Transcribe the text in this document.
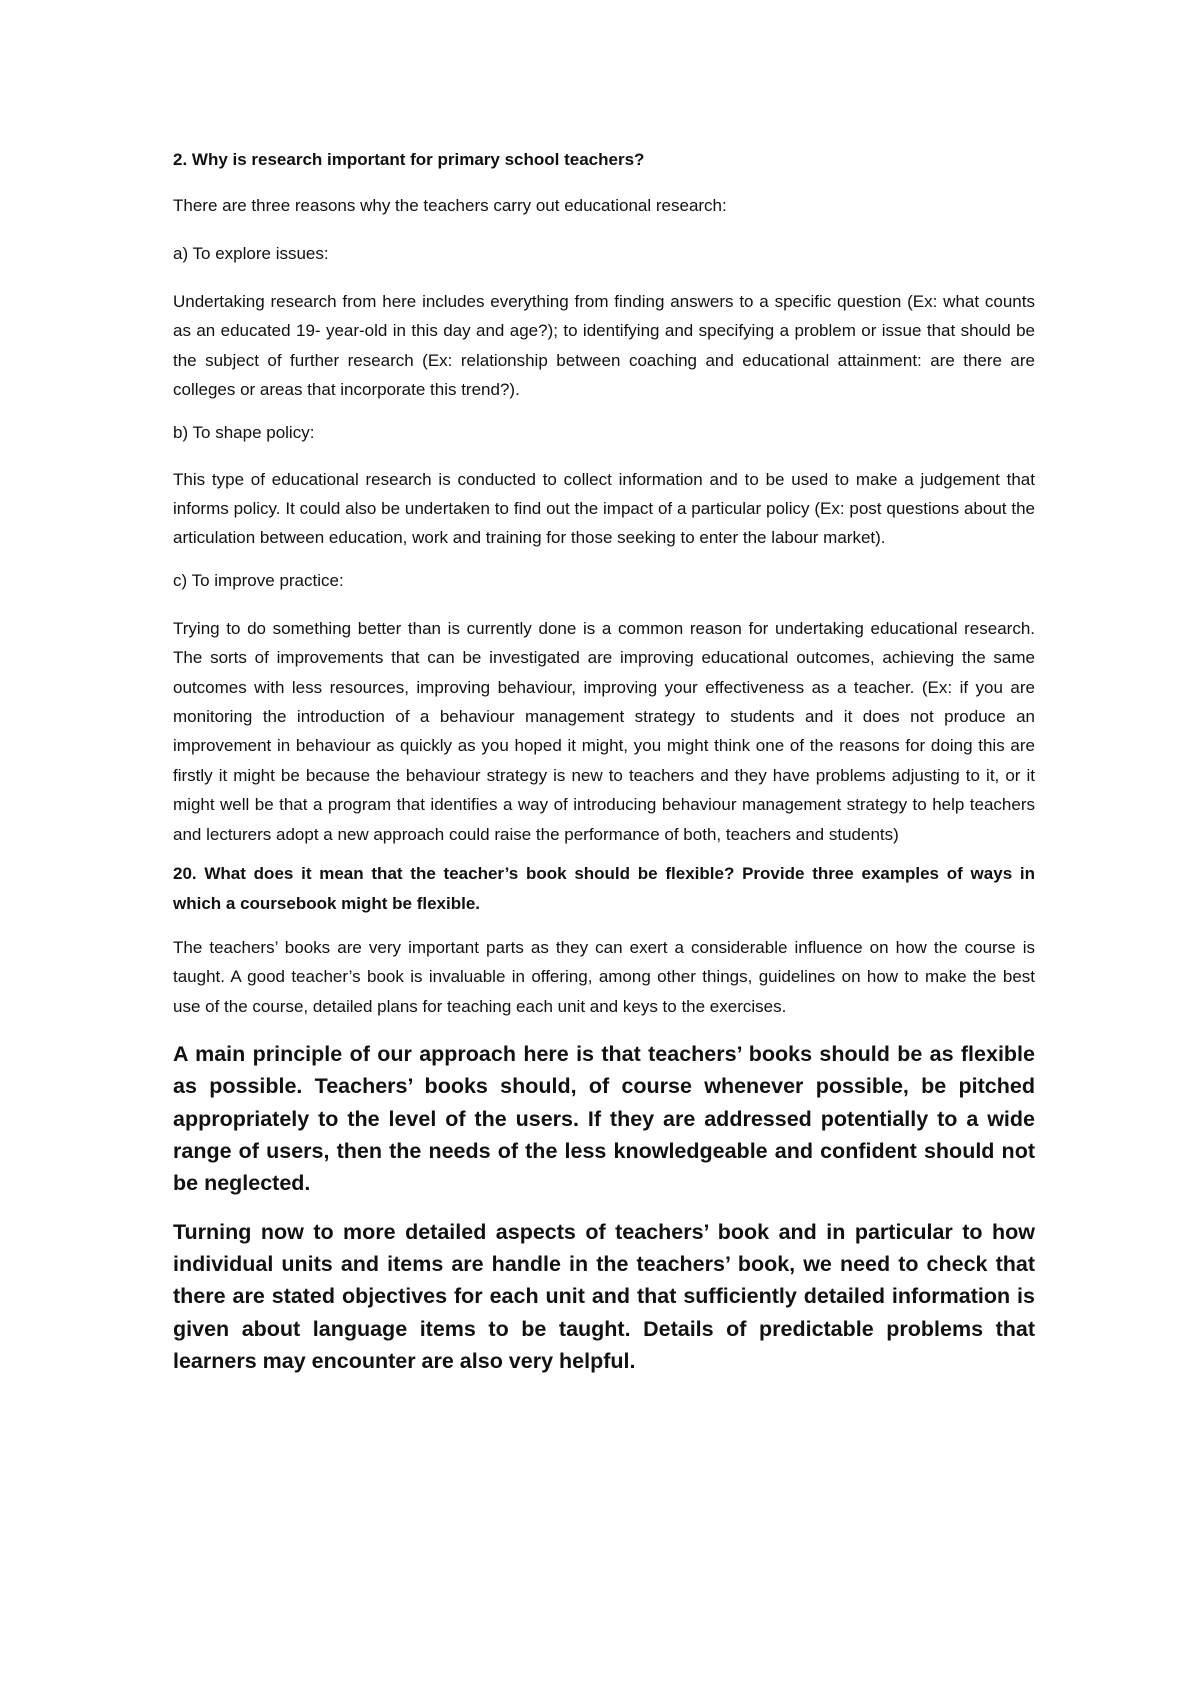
2. Why is research important for primary school teachers?

There are three reasons why the teachers carry out educational research:

a) To explore issues:

Undertaking research from here includes everything from finding answers to a specific question (Ex: what counts as an educated 19- year-old in this day and age?); to identifying and specifying a problem or issue that should be the subject of further research (Ex: relationship between coaching and educational attainment: are there are colleges or areas that incorporate this trend?).

b) To shape policy:

This type of educational research is conducted to collect information and to be used to make a judgement that informs policy. It could also be undertaken to find out the impact of a particular policy (Ex: post questions about the articulation between education, work and training for those seeking to enter the labour market).

c) To improve practice:

Trying to do something better than is currently done is a common reason for undertaking educational research. The sorts of improvements that can be investigated are improving educational outcomes, achieving the same outcomes with less resources, improving behaviour, improving your effectiveness as a teacher. (Ex: if you are monitoring the introduction of a behaviour management strategy to students and it does not produce an improvement in behaviour as quickly as you hoped it might, you might think one of the reasons for doing this are firstly it might be because the behaviour strategy is new to teachers and they have problems adjusting to it, or it might well be that a program that identifies a way of introducing behaviour management strategy to help teachers and lecturers adopt a new approach could raise the performance of both, teachers and students)

20. What does it mean that the teacher’s book should be flexible? Provide three examples of ways in which a coursebook might be flexible.

The teachers’ books are very important parts as they can exert a considerable influence on how the course is taught. A good teacher’s book is invaluable in offering, among other things, guidelines on how to make the best use of the course, detailed plans for teaching each unit and keys to the exercises.

A main principle of our approach here is that teachers’ books should be as flexible as possible. Teachers’ books should, of course whenever possible, be pitched appropriately to the level of the users. If they are addressed potentially to a wide range of users, then the needs of the less knowledgeable and confident should not be neglected.

Turning now to more detailed aspects of teachers’ book and in particular to how individual units and items are handle in the teachers’ book, we need to check that there are stated objectives for each unit and that sufficiently detailed information is given about language items to be taught. Details of predictable problems that learners may encounter are also very helpful.
